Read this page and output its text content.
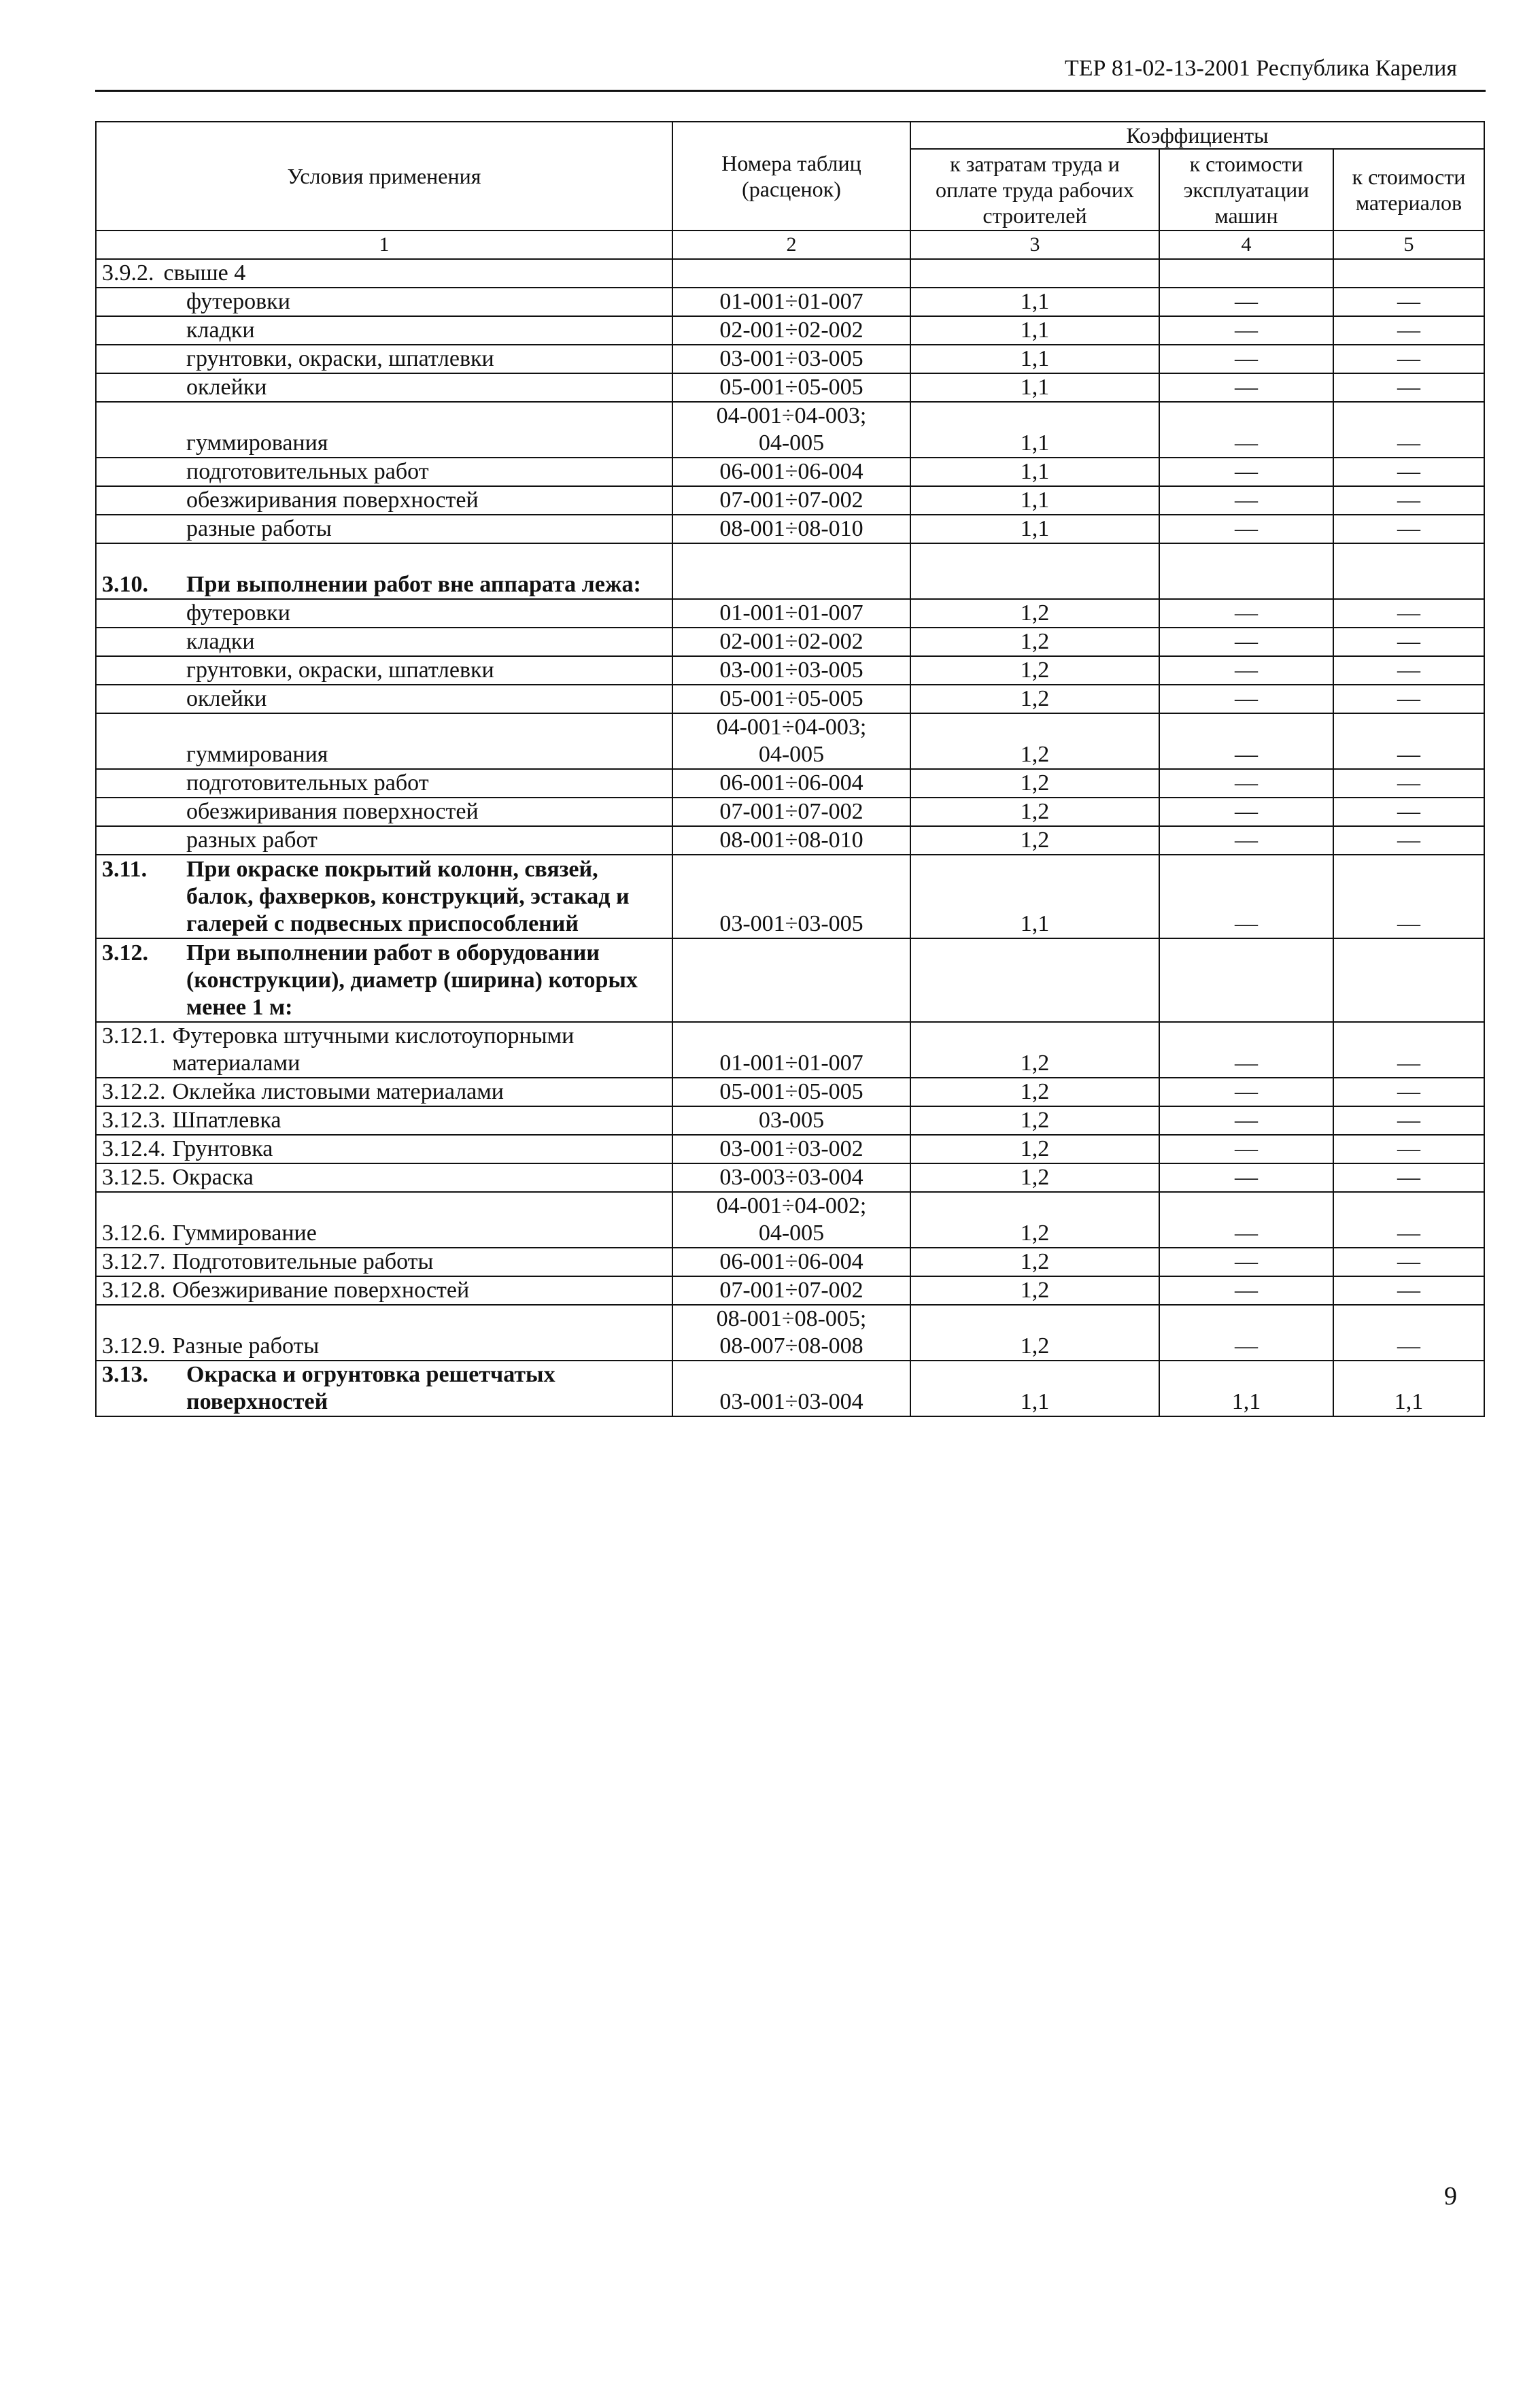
ТЕР 81-02-13-2001 Республика Карелия
Условия применения	Номера таблиц (расценок)	Коэффициенты		
		к затратам труда и оплате труда рабочих строителей	к стоимости эксплуатации машин	к стоимости материалов
1	2	3	4	5

3.9.2. свыше 4				

футеровки	01-001÷01-007	1,1	—	—
кладки	02-001÷02-002	1,1	—	—
грунтовки, окраски, шпатлевки	03-001÷03-005	1,1	—	—
оклейки	05-001÷05-005	1,1	—	—
гуммирования	04-001÷04-003; 04-005	1,1	—	—
подготовительных работ	06-001÷06-004	1,1	—	—
обезжиривания поверхностей	07-001÷07-002	1,1	—	—
разные работы	08-001÷08-010	1,1	—	—

3.10. При выполнении работ вне аппарата лежа:				

футеровки	01-001÷01-007	1,2	—	—
кладки	02-001÷02-002	1,2	—	—
грунтовки, окраски, шпатлевки	03-001÷03-005	1,2	—	—
оклейки	05-001÷05-005	1,2	—	—
гуммирования	04-001÷04-003; 04-005	1,2	—	—
подготовительных работ	06-001÷06-004	1,2	—	—
обезжиривания поверхностей	07-001÷07-002	1,2	—	—
разных работ	08-001÷08-010	1,2	—	—

3.11. При окраске покрытий колонн, связей, балок, фахверков, конструкций, эстакад и галерей с подвесных приспособлений	03-001÷03-005	1,1	—	—

3.12. При выполнении работ в оборудовании (конструкции), диаметр (ширина) которых менее 1 м:				

3.12.1. Футеровка штучными кислотоупорными материалами	01-001÷01-007	1,2	—	—

3.12.2. Оклейка листовыми материалами	05-001÷05-005	1,2	—	—

3.12.3. Шпатлевка	03-005	1,2	—	—

3.12.4. Грунтовка	03-001÷03-002	1,2	—	—

3.12.5. Окраска	03-003÷03-004	1,2	—	—

3.12.6. Гуммирование	04-001÷04-002; 04-005	1,2	—	—

3.12.7. Подготовительные работы	06-001÷06-004	1,2	—	—

3.12.8. Обезжиривание поверхностей	07-001÷07-002	1,2	—	—

3.12.9. Разные работы	08-001÷08-005; 08-007÷08-008	1,2	—	—

3.13. Окраска и огрунтовка решетчатых поверхностей	03-001÷03-004	1,1	1,1	1,1
9
